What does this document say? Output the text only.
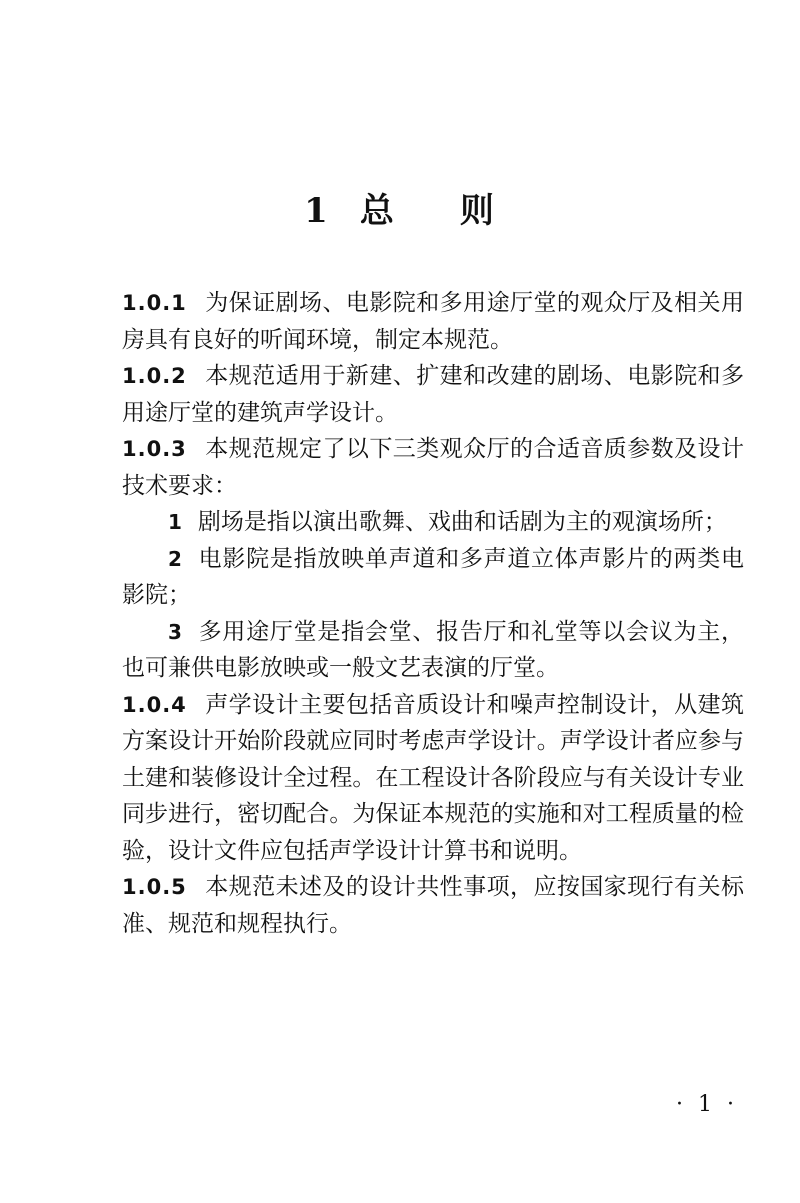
1 总 则

1.0.1 为保证剧场、电影院和多用途厅堂的观众厅及相关用房具有良好的听闻环境，制定本规范。

1.0.2 本规范适用于新建、扩建和改建的剧场、电影院和多用途厅堂的建筑声学设计。

1.0.3 本规范规定了以下三类观众厅的合适音质参数及设计技术要求：

1 剧场是指以演出歌舞、戏曲和话剧为主的观演场所；

2 电影院是指放映单声道和多声道立体声影片的两类电影院；

3 多用途厅堂是指会堂、报告厅和礼堂等以会议为主，也可兼供电影放映或一般文艺表演的厅堂。

1.0.4 声学设计主要包括音质设计和噪声控制设计，从建筑方案设计开始阶段就应同时考虑声学设计。声学设计者应参与土建和装修设计全过程。在工程设计各阶段应与有关设计专业同步进行，密切配合。为保证本规范的实施和对工程质量的检验，设计文件应包括声学设计计算书和说明。

1.0.5 本规范未述及的设计共性事项，应按国家现行有关标准、规范和规程执行。

· 1 ·
